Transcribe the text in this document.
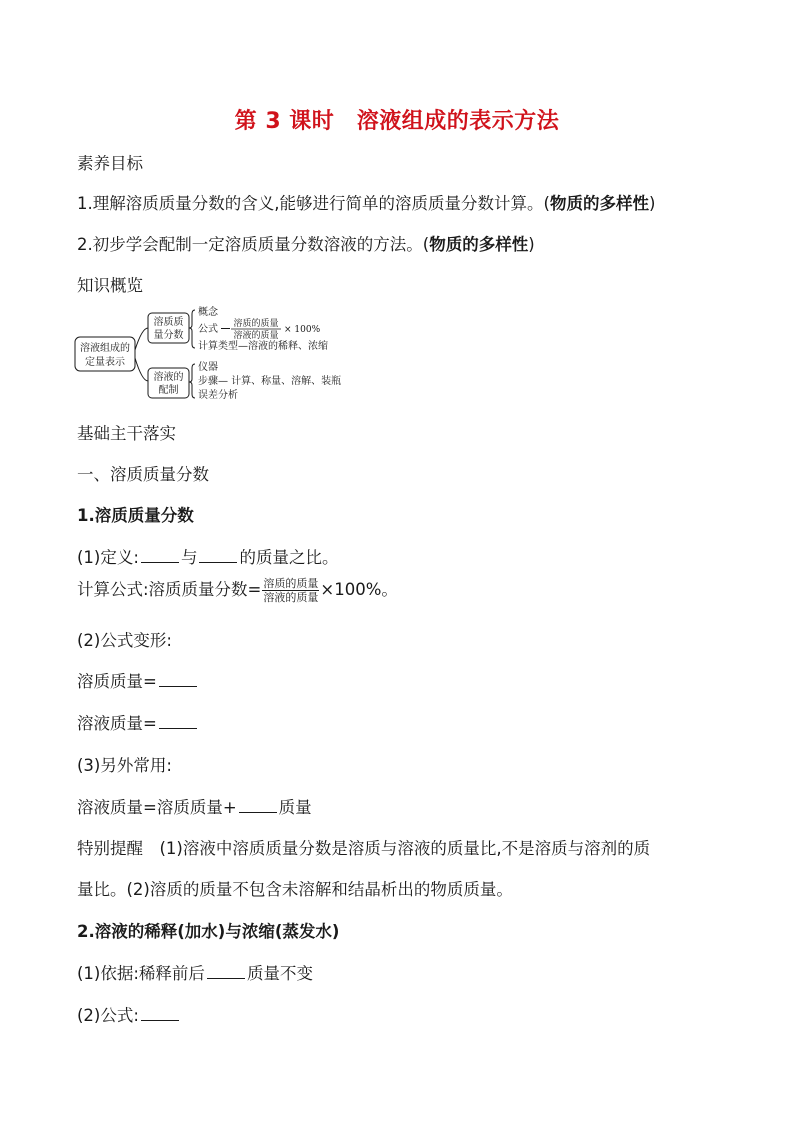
第 3 课时　溶液组成的表示方法
素养目标
1.理解溶质质量分数的含义,能够进行简单的溶质质量分数计算。(物质的多样性)
2.初步学会配制一定溶质质量分数溶液的方法。(物质的多样性)
知识概览
溶液组成的
定量表示
溶质质
量分数
概念
公式 溶质的质量
溶液的质量
× 100%
计算类型—溶液的稀释、浓缩
溶液的
配制
仪器
步骤— 计算、称量、溶解、装瓶
误差分析
基础主干落实
一、溶质质量分数
1.溶质质量分数
(1)定义:	与	的质量之比。
计算公式:溶质质量分数= $\frac{\text{溶质的质量}}{\text{溶液的质量}} \times 100\%$。
(2)公式变形:
溶质质量=
溶液质量=
(3)另外常用:
溶液质量=溶质质量+	质量
特别提醒　(1)溶液中溶质质量分数是溶质与溶液的质量比,不是溶质与溶剂的质
量比。(2)溶质的质量不包含未溶解和结晶析出的物质质量。
2.溶液的稀释(加水)与浓缩(蒸发水)
(1)依据:稀释前后	质量不变
(2)公式:
